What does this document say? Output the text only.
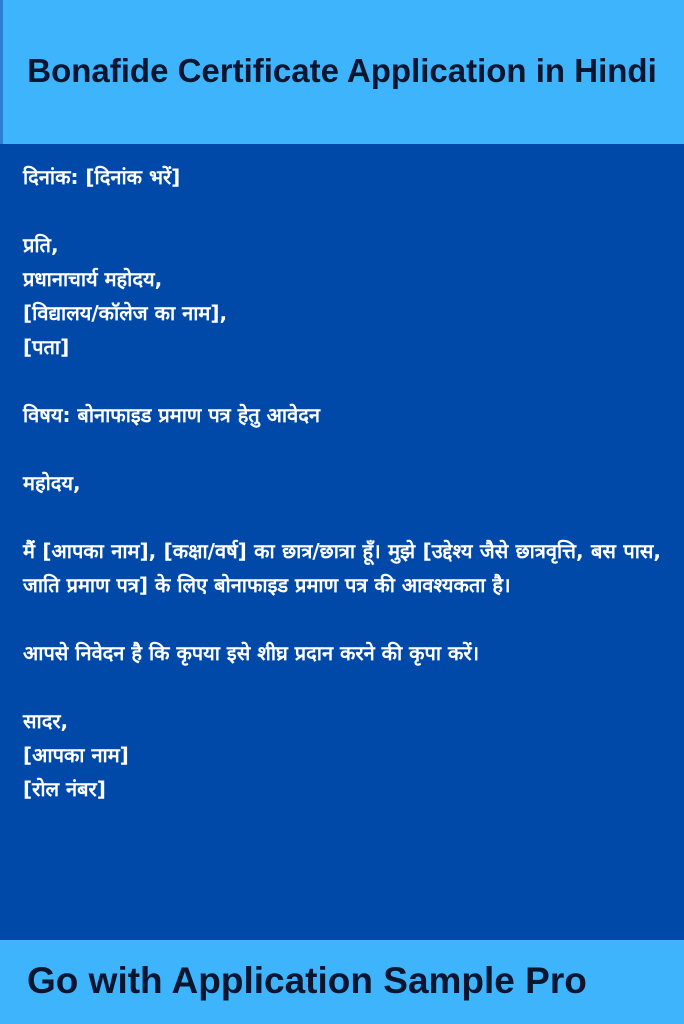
Bonafide Certificate Application in Hindi
दिनांक: [दिनांक भरें]
प्रति,
प्रधानाचार्य महोदय,
[विद्यालय/कॉलेज का नाम],
[पता]
विषय: बोनाफाइड प्रमाण पत्र हेतु आवेदन
महोदय,
मैं [आपका नाम], [कक्षा/वर्ष] का छात्र/छात्रा हूँ। मुझे [उद्देश्य जैसे छात्रवृत्ति, बस पास, जाति प्रमाण पत्र] के लिए बोनाफाइड प्रमाण पत्र की आवश्यकता है।
आपसे निवेदन है कि कृपया इसे शीघ्र प्रदान करने की कृपा करें।
सादर,
[आपका नाम]
[रोल नंबर]
Go with Application Sample Pro
